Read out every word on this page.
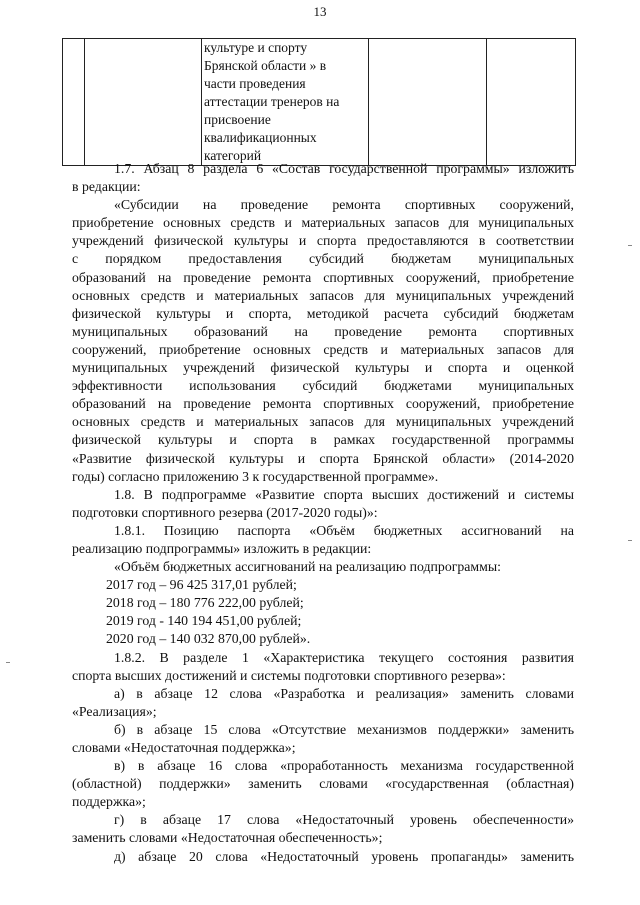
13

культуре и спорту
Брянской области » в
части проведения
аттестации тренеров на
присвоение
квалификационных
категорий

1.7. Абзац 8 раздела 6 «Состав государственной программы» изложить
в редакции:
«Субсидии на проведение ремонта спортивных сооружений,
приобретение основных средств и материальных запасов для муниципальных
учреждений физической культуры и спорта предоставляются в соответствии
с порядком предоставления субсидий бюджетам муниципальных
образований на проведение ремонта спортивных сооружений, приобретение
основных средств и материальных запасов для муниципальных учреждений
физической культуры и спорта, методикой расчета субсидий бюджетам
муниципальных образований на проведение ремонта спортивных
сооружений, приобретение основных средств и материальных запасов для
муниципальных учреждений физической культуры и спорта и оценкой
эффективности использования субсидий бюджетами муниципальных
образований на проведение ремонта спортивных сооружений, приобретение
основных средств и материальных запасов для муниципальных учреждений
физической культуры и спорта в рамках государственной программы
«Развитие физической культуры и спорта Брянской области» (2014-2020
годы) согласно приложению 3 к государственной программе».
1.8. В подпрограмме «Развитие спорта высших достижений и системы
подготовки спортивного резерва (2017-2020 годы)»:
1.8.1. Позицию паспорта «Объём бюджетных ассигнований на
реализацию подпрограммы» изложить в редакции:
«Объём бюджетных ассигнований на реализацию подпрограммы:
2017 год – 96 425 317,01 рублей;
2018 год – 180 776 222,00 рублей;
2019 год - 140 194 451,00 рублей;
2020 год – 140 032 870,00 рублей».
1.8.2. В разделе 1 «Характеристика текущего состояния развития
спорта высших достижений и системы подготовки спортивного резерва»:
а) в абзаце 12 слова «Разработка и реализация» заменить словами
«Реализация»;
б) в абзаце 15 слова «Отсутствие механизмов поддержки» заменить
словами «Недостаточная поддержка»;
в) в абзаце 16 слова «проработанность механизма государственной
(областной) поддержки» заменить словами «государственная (областная)
поддержка»;
г) в абзаце 17 слова «Недостаточный уровень обеспеченности»
заменить словами «Недостаточная обеспеченность»;
д) абзаце 20 слова «Недостаточный уровень пропаганды» заменить
